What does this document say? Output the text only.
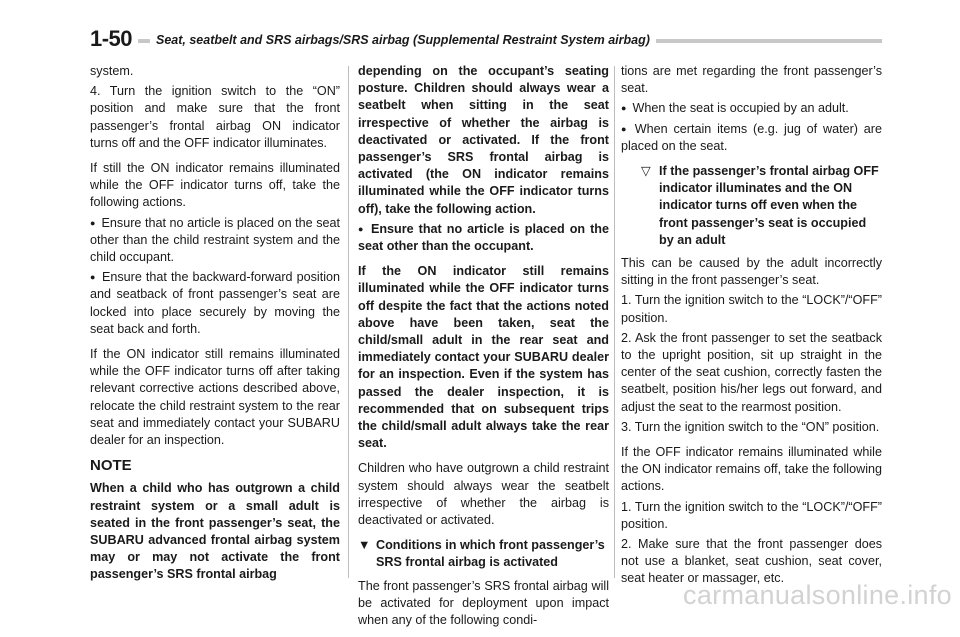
1-50	Seat, seatbelt and SRS airbags/SRS airbag (Supplemental Restraint System airbag)

system.

4. Turn the ignition switch to the “ON” position and make sure that the front passenger’s frontal airbag ON indicator turns off and the OFF indicator illuminates.

If still the ON indicator remains illuminated while the OFF indicator turns off, take the following actions.

● Ensure that no article is placed on the seat other than the child restraint system and the child occupant.

● Ensure that the backward-forward position and seatback of front passenger’s seat are locked into place securely by moving the seat back and forth.

If the ON indicator still remains illuminated while the OFF indicator turns off after taking relevant corrective actions described above, relocate the child restraint system to the rear seat and immediately contact your SUBARU dealer for an inspection.

NOTE

When a child who has outgrown a child restraint system or a small adult is seated in the front passenger’s seat, the SUBARU advanced frontal airbag system may or may not activate the front passenger’s SRS frontal airbag

depending on the occupant’s seating posture. Children should always wear a seatbelt when sitting in the seat irrespective of whether the airbag is deactivated or activated. If the front passenger’s SRS frontal airbag is activated (the ON indicator remains illuminated while the OFF indicator turns off), take the following action.

● Ensure that no article is placed on the seat other than the occupant.

If the ON indicator still remains illuminated while the OFF indicator turns off despite the fact that the actions noted above have been taken, seat the child/small adult in the rear seat and immediately contact your SUBARU dealer for an inspection. Even if the system has passed the dealer inspection, it is recommended that on subsequent trips the child/small adult always take the rear seat.

Children who have outgrown a child restraint system should always wear the seatbelt irrespective of whether the airbag is deactivated or activated.

▼ Conditions in which front passenger’s SRS frontal airbag is activated

The front passenger’s SRS frontal airbag will be activated for deployment upon impact when any of the following condi-

tions are met regarding the front passenger’s seat.

● When the seat is occupied by an adult.

● When certain items (e.g. jug of water) are placed on the seat.

▽ If the passenger’s frontal airbag OFF indicator illuminates and the ON indicator turns off even when the front passenger’s seat is occupied by an adult

This can be caused by the adult incorrectly sitting in the front passenger’s seat.

1. Turn the ignition switch to the “LOCK”/“OFF” position.

2. Ask the front passenger to set the seatback to the upright position, sit up straight in the center of the seat cushion, correctly fasten the seatbelt, position his/her legs out forward, and adjust the seat to the rearmost position.

3. Turn the ignition switch to the “ON” position.

If the OFF indicator remains illuminated while the ON indicator remains off, take the following actions.

1. Turn the ignition switch to the “LOCK”/“OFF” position.

2. Make sure that the front passenger does not use a blanket, seat cushion, seat cover, seat heater or massager, etc.

carmanualsonline.info
